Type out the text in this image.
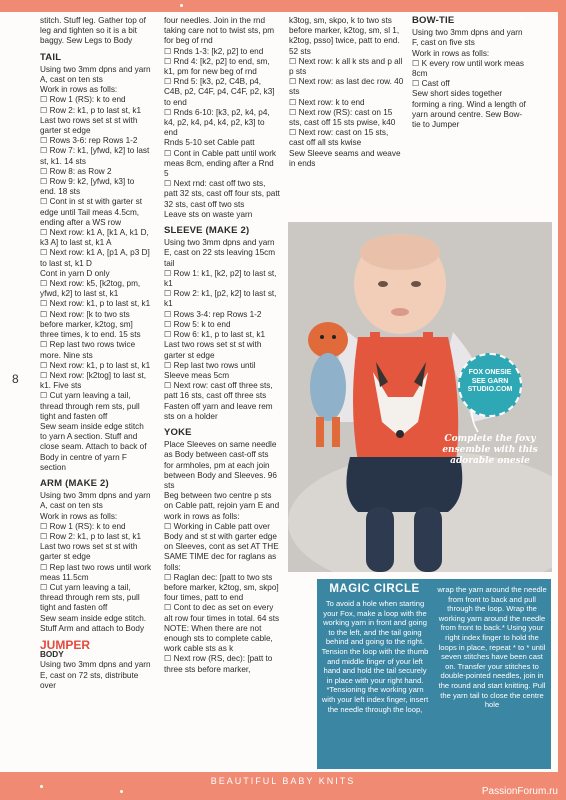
BEAUTIFUL BABY KNITS
PassionForum.ru
8

stitch. Stuff leg. Gather top of leg and tighten so it is a bit baggy. Sew Legs to Body

TAIL

Using two 3mm dpns and yarn A, cast on ten sts

Work in rows as folls:

☐ Row 1 (RS): k to end

☐ Row 2: k1, p to last st, k1

Last two rows set st st with garter st edge

☐ Rows 3-6: rep Rows 1-2

☐ Row 7: k1, [yfwd, k2] to last st, k1. 14 sts

☐ Row 8: as Row 2

☐ Row 9: k2, [yfwd, k3] to end. 18 sts

☐ Cont in st st with garter st edge until Tail meas 4.5cm, ending after a WS row

☐ Next row: k1 A, [k1 A, k1 D, k3 A] to last st, k1 A

☐ Next row: k1 A, [p1 A, p3 D] to last st, k1 D

Cont in yarn D only

☐ Next row: k5, [k2tog, pm, yfwd, k2] to last st, k1

☐ Next row: k1, p to last st, k1

☐ Next row: [k to two sts before marker, k2tog, sm] three times, k to end. 15 sts

☐ Rep last two rows twice more. Nine sts

☐ Next row: k1, p to last st, k1

☐ Next row: [k2tog] to last st, k1. Five sts

☐ Cut yarn leaving a tail, thread through rem sts, pull tight and fasten off

Sew seam inside edge stitch to yarn A section. Stuff and close seam. Attach to back of Body in centre of yarn F section

ARM (MAKE 2)

Using two 3mm dpns and yarn A, cast on ten sts

Work in rows as folls:

☐ Row 1 (RS): k to end

☐ Row 2: k1, p to last st, k1

Last two rows set st st with garter st edge

☐ Rep last two rows until work meas 11.5cm

☐ Cut yarn leaving a tail, thread through rem sts, pull tight and fasten off

Sew seam inside edge stitch. Stuff Arm and attach to Body

JUMPER
BODY

Using two 3mm dpns and yarn E, cast on 72 sts, distribute over

four needles. Join in the rnd taking care not to twist sts, pm for beg of rnd

☐ Rnds 1-3: [k2, p2] to end

☐ Rnd 4: [k2, p2] to end, sm, k1, pm for new beg of rnd

☐ Rnd 5: [k3, p2, C4B, p4, C4B, p2, C4F, p4, C4F, p2, k3] to end

☐ Rnds 6-10: [k3, p2, k4, p4, k4, p2, k4, p4, k4, p2, k3] to end

Rnds 5-10 set Cable patt

☐ Cont in Cable patt until work meas 8cm, ending after a Rnd 5

☐ Next rnd: cast off two sts, patt 32 sts, cast off four sts, patt 32 sts, cast off two sts

Leave sts on waste yarn

SLEEVE (MAKE 2)

Using two 3mm dpns and yarn E, cast on 22 sts leaving 15cm tail

☐ Row 1: k1, [k2, p2] to last st, k1

☐ Row 2: k1, [p2, k2] to last st, k1

☐ Rows 3-4: rep Rows 1-2

☐ Row 5: k to end

☐ Row 6: k1, p to last st, k1

Last two rows set st st with garter st edge

☐ Rep last two rows until Sleeve meas 5cm

☐ Next row: cast off three sts, patt 16 sts, cast off three sts

Fasten off yarn and leave rem sts on a holder

YOKE

Place Sleeves on same needle as Body between cast-off sts for armholes, pm at each join between Body and Sleeves. 96 sts

Beg between two centre p sts on Cable patt, rejoin yarn E and work in rows as folls:

☐ Working in Cable patt over Body and st st with garter edge on Sleeves, cont as set AT THE SAME TIME dec for raglans as folls:

☐ Raglan dec: [patt to two sts before marker, k2tog, sm, skpo] four times, patt to end

☐ Cont to dec as set on every alt row four times in total. 64 sts

NOTE: When there are not enough sts to complete cable, work cable sts as k

☐ Next row (RS, dec): [patt to three sts before marker,

k3tog, sm, skpo, k to two sts before marker, k2tog, sm, sl 1, k2tog, psso] twice, patt to end. 52 sts

☐ Next row: k all k sts and p all p sts

☐ Next row: as last dec row. 40 sts

☐ Next row: k to end

☐ Next row (RS): cast on 15 sts, cast off 15 sts pwise, k40

☐ Next row: cast on 15 sts, cast off all sts kwise

Sew Sleeve seams and weave in ends

BOW-TIE

Using two 3mm dpns and yarn F, cast on five sts

Work in rows as folls:

☐ K every row until work meas 8cm

☐ Cast off

Sew short sides together forming a ring. Wind a length of yarn around centre. Sew Bow-tie to Jumper

FOX ONESIE
SEE GARN
STUDIO.COM
Complete the foxy ensemble with this adorable onesie
MAGIC CIRCLE
To avoid a hole when starting your Fox, make a loop with the working yarn in front and going to the left, and the tail going behind and going to the right. Tension the loop with the thumb and middle finger of your left hand and hold the tail securely in place with your right hand. *Tensioning the working yarn with your left index finger, insert the needle through the loop,
wrap the yarn around the needle from front to back and pull through the loop. Wrap the working yarn around the needle from front to back.* Using your right index finger to hold the loops in place, repeat * to * until seven stitches have been cast on. Transfer your stitches to double-pointed needles, join in the round and start knitting. Pull the yarn tail to close the centre hole
